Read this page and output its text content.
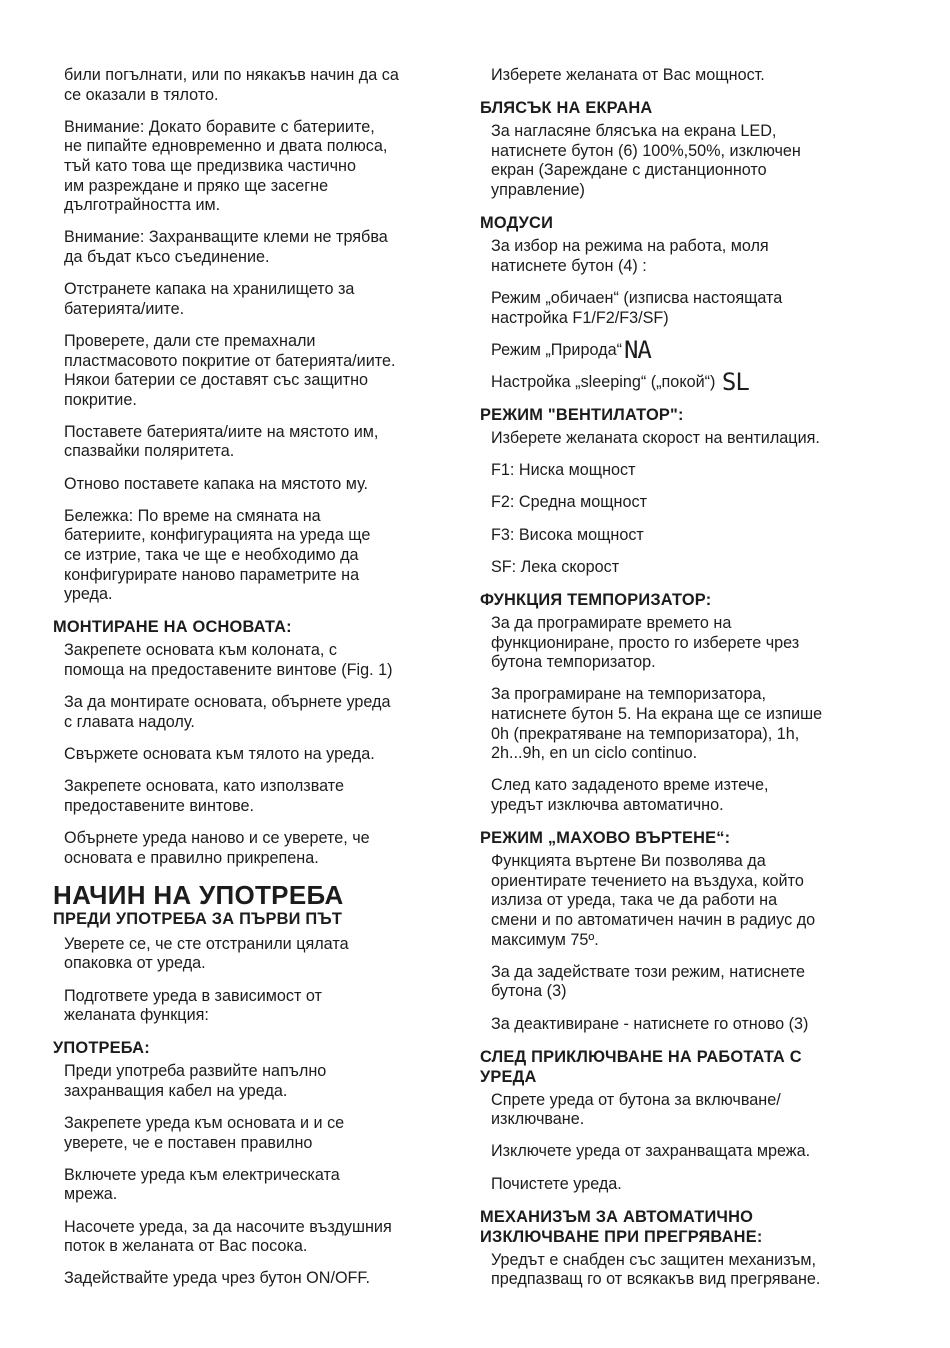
били погълнати, или по някакъв начин да са
се оказали в тялото.

Внимание: Докато боравите с батериите,
не пипайте едновременно и двата полюса,
тъй като това ще предизвика частично
им разреждане и пряко ще засегне
дълготрайността им.

Внимание: Захранващите клеми не трябва
да бъдат късо съединение.

Отстранете капака на хранилището за
батерията/иите.

Проверете, дали сте премахнали
пластмасовото покритие от батерията/иите.
Някои батерии се доставят със защитно
покритие.

Поставете батерията/иите на мястото им,
спазвайки поляритета.

Отново поставете капака на мястото му.

Бележка: По време на смяната на
батериите, конфигурацията на уреда ще
се изтрие, така че ще е необходимо да
конфигурирате наново параметрите на
уреда.

МОНТИРАНЕ НА ОСНОВАТА:

Закрепете основата към колоната, с
помоща на предоставените винтове (Fig. 1)

За да монтирате основата, обърнете уреда
с главата надолу.

Свържете основата към тялото на уреда.

Закрепете основата, като използвате
предоставените винтове.

Обърнете уреда наново и се уверете, че
основата е правилно прикрепена.

НАЧИН НА УПОТРЕБА
ПРЕДИ УПОТРЕБА ЗА ПЪРВИ ПЪТ

Уверете се, че сте отстранили цялата
опаковка от уреда.

Подгответе уреда в зависимост от
желаната функция:

УПОТРЕБА:

Преди употреба развийте напълно
захранващия кабел на уреда.

Закрепете уреда към основата и и се
уверете, че е поставен правилно

Включете уреда към електрическата
мрежа.

Насочете уреда, за да насочите въздушния
поток в желаната от Вас посока.

Задействайте уреда чрез бутон ON/OFF.

Изберете желаната от Вас мощност.

БЛЯСЪК НА ЕКРАНА

За нагласяне блясъка на екрана LED,
натиснете бутон (6) 100%,50%, изключен
екран (Зареждане с дистанционното
управление)

МОДУСИ

За избор на режима на работа, моля
натиснете бутон (4) :

Режим „обичаен“ (изписва настоящата
настройка F1/F2/F3/SF)

Режим „Природа“NA

Настройка „sleeping“ („покой“) SL

РЕЖИМ "ВЕНТИЛАТОР":

Изберете желаната скорост на вентилация.

F1: Ниска мощност

F2: Средна мощност

F3: Висока мощност

SF: Лека скорост

ФУНКЦИЯ ТЕМПОРИЗАТОР:

За да програмирате времето на
функциониране, просто го изберете чрез
бутона темпоризатор.

За програмиране на темпоризатора,
натиснете бутон 5. На екрана ще се изпише
0h (прекратяване на темпоризатора), 1h,
2h...9h, en un ciclo continuo.

След като зададеното време изтече,
уредът изключва автоматично.

РЕЖИМ „МАХОВО ВЪРТЕНЕ“:

Функцията въртене Ви позволява да
ориентирате течението на въздуха, който
излиза от уреда, така че да работи на
смени и по автоматичен начин в радиус до
максимум 75º.

За да задействате този режим, натиснете
бутона (3)

За деактивиране - натиснете го отново (3)

СЛЕД ПРИКЛЮЧВАНЕ НА РАБОТАТА С
УРЕДА

Спрете уреда от бутона за включване/
изключване.

Изключете уреда от захранващата мрежа.

Почистете уреда.

МЕХАНИЗЪМ ЗА АВТОМАТИЧНО
ИЗКЛЮЧВАНЕ ПРИ ПРЕГРЯВАНЕ:

Уредът е снабден със защитен механизъм,
предпазващ го от всякакъв вид прегряване.
